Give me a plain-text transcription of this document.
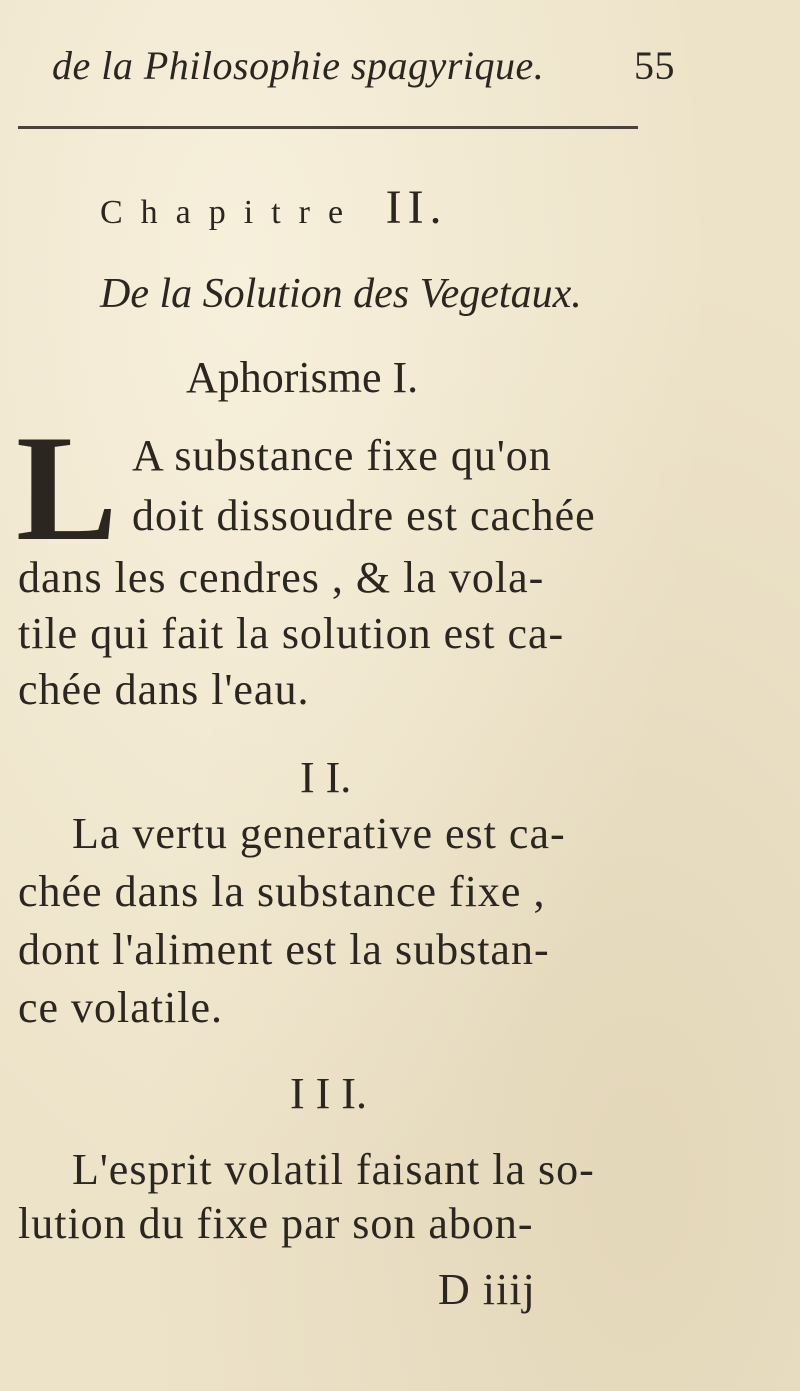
de la Philosophie spagyrique. 55
Chapitre II.
De la Solution des Vegetaux.
Aphorisme I.
L A substance fixe qu'on
doit dissoudre est cachée
dans les cendres , & la vola-
tile qui fait la solution est ca-
chée dans l'eau.
I I.
La vertu generative est ca-
chée dans la substance fixe ,
dont l'aliment est la substan-
ce volatile.
I I I.
L'esprit volatil faisant la so-
lution du fixe par son abon-
D iiij
